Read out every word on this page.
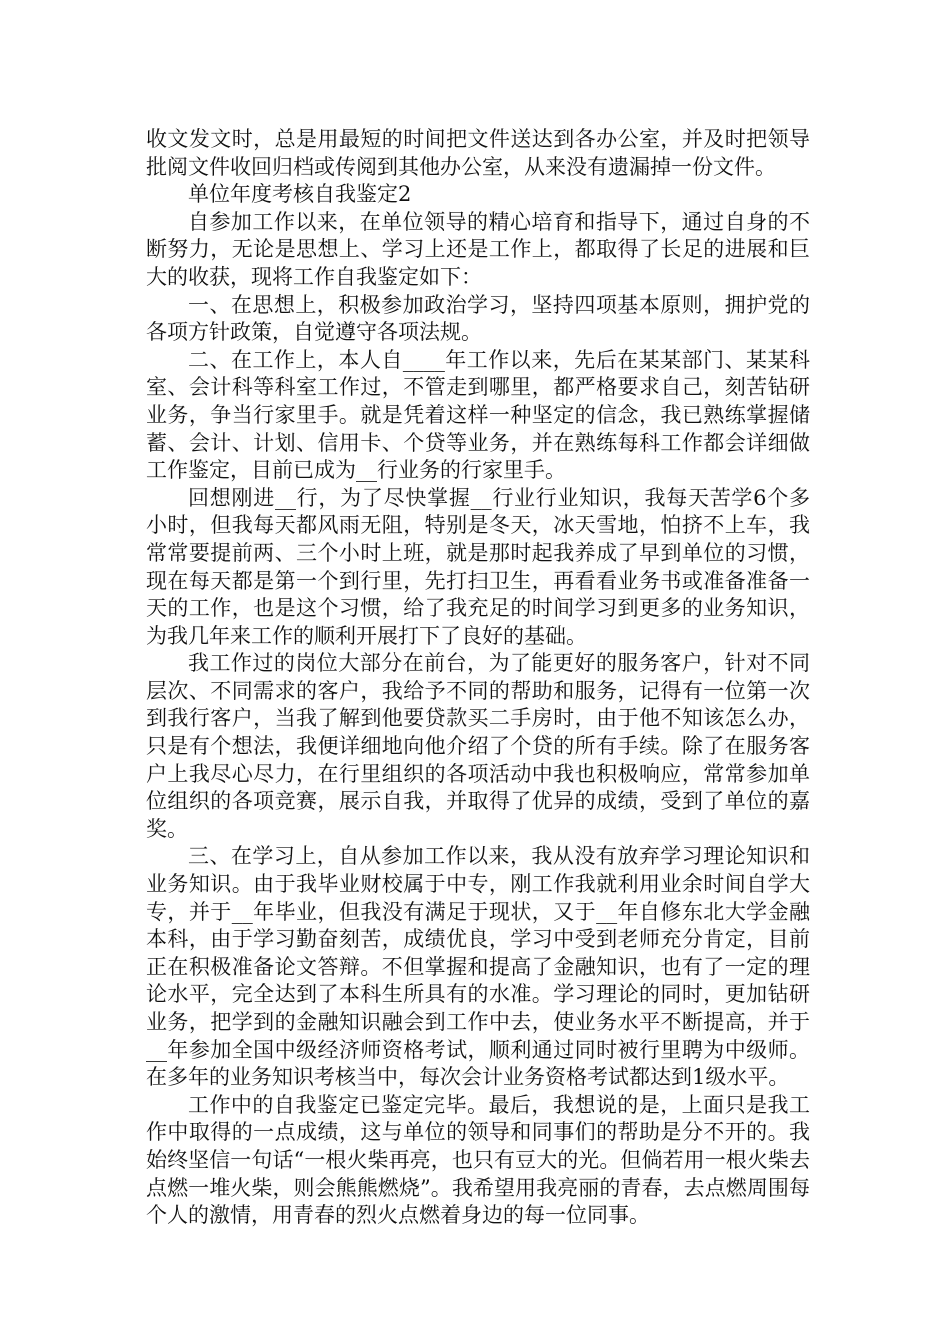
收文发文时，总是用最短的时间把文件送达到各办公室，并及时把领导批阅文件收回归档或传阅到其他办公室，从来没有遗漏掉一份文件。

单位年度考核自我鉴定2

自参加工作以来，在单位领导的精心培育和指导下，通过自身的不断努力，无论是思想上、学习上还是工作上，都取得了长足的进展和巨大的收获，现将工作自我鉴定如下：

一、在思想上，积极参加政治学习，坚持四项基本原则，拥护党的各项方针政策，自觉遵守各项法规。

二、在工作上，本人自____年工作以来，先后在某某部门、某某科室、会计科等科室工作过，不管走到哪里，都严格要求自己，刻苦钻研业务，争当行家里手。就是凭着这样一种坚定的信念，我已熟练掌握储蓄、会计、计划、信用卡、个贷等业务，并在熟练每科工作都会详细做工作鉴定，目前已成为__行业务的行家里手。

回想刚进__行，为了尽快掌握__行业行业知识，我每天苦学6个多小时，但我每天都风雨无阻，特别是冬天，冰天雪地，怕挤不上车，我常常要提前两、三个小时上班，就是那时起我养成了早到单位的习惯，现在每天都是第一个到行里，先打扫卫生，再看看业务书或准备准备一天的工作，也是这个习惯，给了我充足的时间学习到更多的业务知识，为我几年来工作的顺利开展打下了良好的基础。

我工作过的岗位大部分在前台，为了能更好的服务客户，针对不同层次、不同需求的客户，我给予不同的帮助和服务，记得有一位第一次到我行客户，当我了解到他要贷款买二手房时，由于他不知该怎么办，只是有个想法，我便详细地向他介绍了个贷的所有手续。除了在服务客户上我尽心尽力，在行里组织的各项活动中我也积极响应，常常参加单位组织的各项竞赛，展示自我，并取得了优异的成绩，受到了单位的嘉奖。

三、在学习上，自从参加工作以来，我从没有放弃学习理论知识和业务知识。由于我毕业财校属于中专，刚工作我就利用业余时间自学大专，并于__年毕业，但我没有满足于现状，又于__年自修东北大学金融本科，由于学习勤奋刻苦，成绩优良，学习中受到老师充分肯定，目前正在积极准备论文答辩。不但掌握和提高了金融知识，也有了一定的理论水平，完全达到了本科生所具有的水准。学习理论的同时，更加钻研业务，把学到的金融知识融会到工作中去，使业务水平不断提高，并于__年参加全国中级经济师资格考试，顺利通过同时被行里聘为中级师。在多年的业务知识考核当中，每次会计业务资格考试都达到1级水平。

工作中的自我鉴定已鉴定完毕。最后，我想说的是，上面只是我工作中取得的一点成绩，这与单位的领导和同事们的帮助是分不开的。我始终坚信一句话“一根火柴再亮，也只有豆大的光。但倘若用一根火柴去点燃一堆火柴，则会熊熊燃烧”。我希望用我亮丽的青春，去点燃周围每个人的激情，用青春的烈火点燃着身边的每一位同事。
